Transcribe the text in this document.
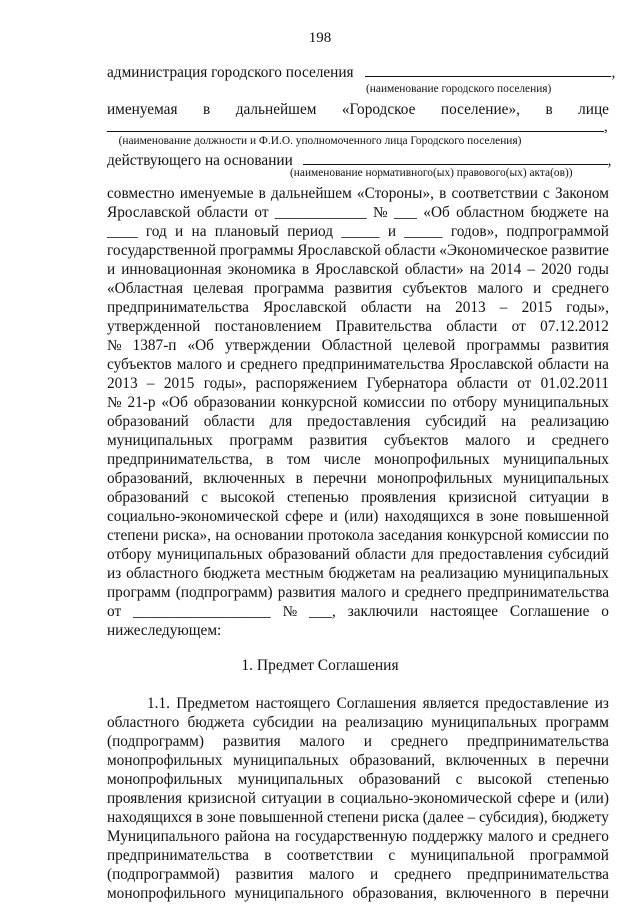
198
администрация городского поселения	,
(наименование городского поселения)
именуемая в дальнейшем «Городское поселение», в лице
,
(наименование должности и Ф.И.О. уполномоченного лица Городского поселения)
действующего на основании	,
(наименование нормативного(ых) правового(ых) акта(ов))
совместно именуемые в дальнейшем «Стороны», в соответствии с Законом
Ярославской области от ____________ № ___ «Об областном бюджете на
____ год и на плановый период _____ и _____ годов», подпрограммой
государственной программы Ярославской области «Экономическое развитие
и инновационная экономика в Ярославской области» на 2014 – 2020 годы
«Областная целевая программа развития субъектов малого и среднего
предпринимательства Ярославской области на 2013 – 2015 годы»,
утвержденной постановлением Правительства области от 07.12.2012
№ 1387-п «Об утверждении Областной целевой программы развития
субъектов малого и среднего предпринимательства Ярославской области на
2013 – 2015 годы», распоряжением Губернатора области от 01.02.2011
№ 21-р «Об образовании конкурсной комиссии по отбору муниципальных
образований области для предоставления субсидий на реализацию
муниципальных программ развития субъектов малого и среднего
предпринимательства, в том числе монопрофильных муниципальных
образований, включенных в перечни монопрофильных муниципальных
образований с высокой степенью проявления кризисной ситуации в
социально-экономической сфере и (или) находящихся в зоне повышенной
степени риска», на основании протокола заседания конкурсной комиссии по
отбору муниципальных образований области для предоставления субсидий
из областного бюджета местным бюджетам на реализацию муниципальных
программ (подпрограмм) развития малого и среднего предпринимательства
от __________________ № ___, заключили настоящее Соглашение о
нижеследующем:
1. Предмет Соглашения
1.1. Предметом настоящего Соглашения является предоставление из
областного бюджета субсидии на реализацию муниципальных программ
(подпрограмм) развития малого и среднего предпринимательства
монопрофильных муниципальных образований, включенных в перечни
монопрофильных муниципальных образований с высокой степенью
проявления кризисной ситуации в социально-экономической сфере и (или)
находящихся в зоне повышенной степени риска (далее – субсидия), бюджету
Муниципального района на государственную поддержку малого и среднего
предпринимательства в соответствии с муниципальной программой
(подпрограммой) развития малого и среднего предпринимательства
монопрофильного муниципального образования, включенного в перечни
